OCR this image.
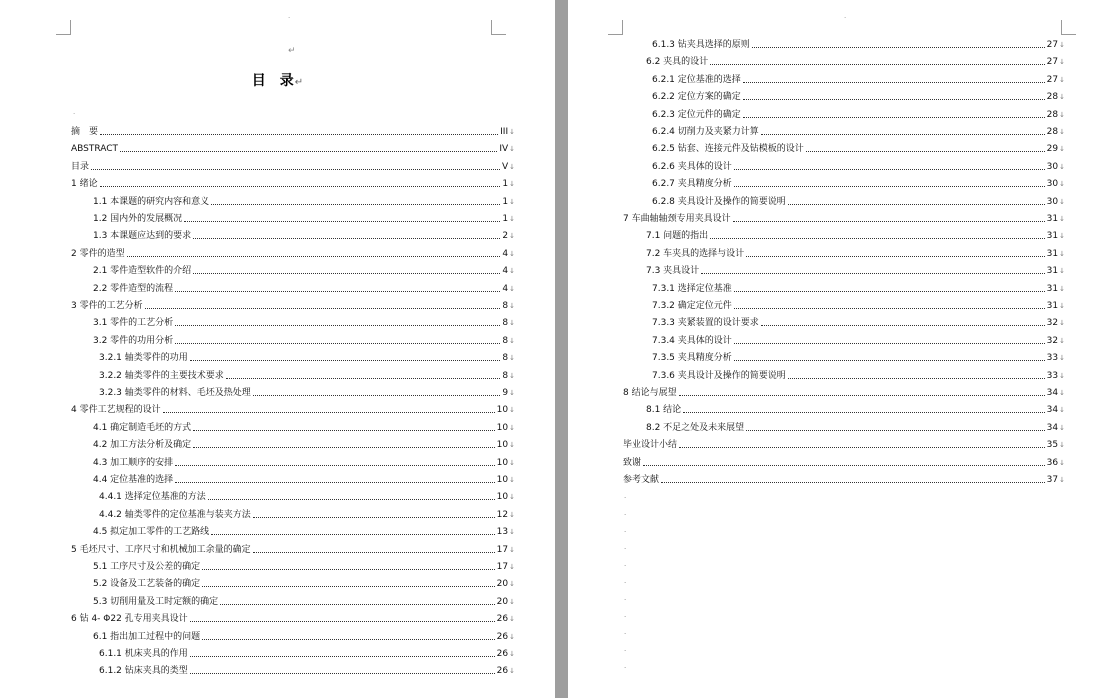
·
↵
目　录↵
·
摘　要	III ↓
ABSTRACT	IV ↓
目录	V ↓
1 绪论	1 ↓
1.1 本课题的研究内容和意义	1 ↓
1.2 国内外的发展概况	1 ↓
1.3 本课题应达到的要求	2 ↓
2 零件的造型	4 ↓
2.1 零件造型软件的介绍	4 ↓
2.2 零件造型的流程	4 ↓
3 零件的工艺分析	8 ↓
3.1 零件的工艺分析	8 ↓
3.2 零件的功用分析	8 ↓
3.2.1 轴类零件的功用	8 ↓
3.2.2 轴类零件的主要技术要求	8 ↓
3.2.3 轴类零件的材料、毛坯及热处理	9 ↓
4 零件工艺规程的设计	10 ↓
4.1 确定制造毛坯的方式	10 ↓
4.2 加工方法分析及确定	10 ↓
4.3 加工顺序的安排	10 ↓
4.4 定位基准的选择	10 ↓
4.4.1 选择定位基准的方法	10 ↓
4.4.2 轴类零件的定位基准与装夹方法	12 ↓
4.5 拟定加工零件的工艺路线	13 ↓
5 毛坯尺寸、工序尺寸和机械加工余量的确定	17 ↓
5.1 工序尺寸及公差的确定	17 ↓
5.2 设备及工艺装备的确定	20 ↓
5.3 切削用量及工时定额的确定	20 ↓
6 钻 4- Φ22 孔专用夹具设计	26 ↓
6.1 指出加工过程中的问题	26 ↓
6.1.1 机床夹具的作用	26 ↓
6.1.2 钻床夹具的类型	26 ↓
·
6.1.3 钻夹具选择的原则	27 ↓
6.2 夹具的设计	27 ↓
6.2.1 定位基准的选择	27 ↓
6.2.2 定位方案的确定	28 ↓
6.2.3 定位元件的确定	28 ↓
6.2.4 切削力及夹紧力计算	28 ↓
6.2.5 钻套、连接元件及钻模板的设计	29 ↓
6.2.6 夹具体的设计	30 ↓
6.2.7 夹具精度分析	30 ↓
6.2.8 夹具设计及操作的简要说明	30 ↓
7 车曲轴轴颈专用夹具设计	31 ↓
7.1 问题的指出	31 ↓
7.2 车夹具的选择与设计	31 ↓
7.3 夹具设计	31 ↓
7.3.1 选择定位基准	31 ↓
7.3.2 确定定位元件	31 ↓
7.3.3 夹紧装置的设计要求	32 ↓
7.3.4 夹具体的设计	32 ↓
7.3.5 夹具精度分析	33 ↓
7.3.6 夹具设计及操作的简要说明	33 ↓
8 结论与展望	34 ↓
8.1 结论	34 ↓
8.2 不足之处及未来展望	34 ↓
毕业设计小结	35 ↓
致谢	36 ↓
参考文献	37 ↓
·
·
·
·
·
·
·
·
·
·
·
